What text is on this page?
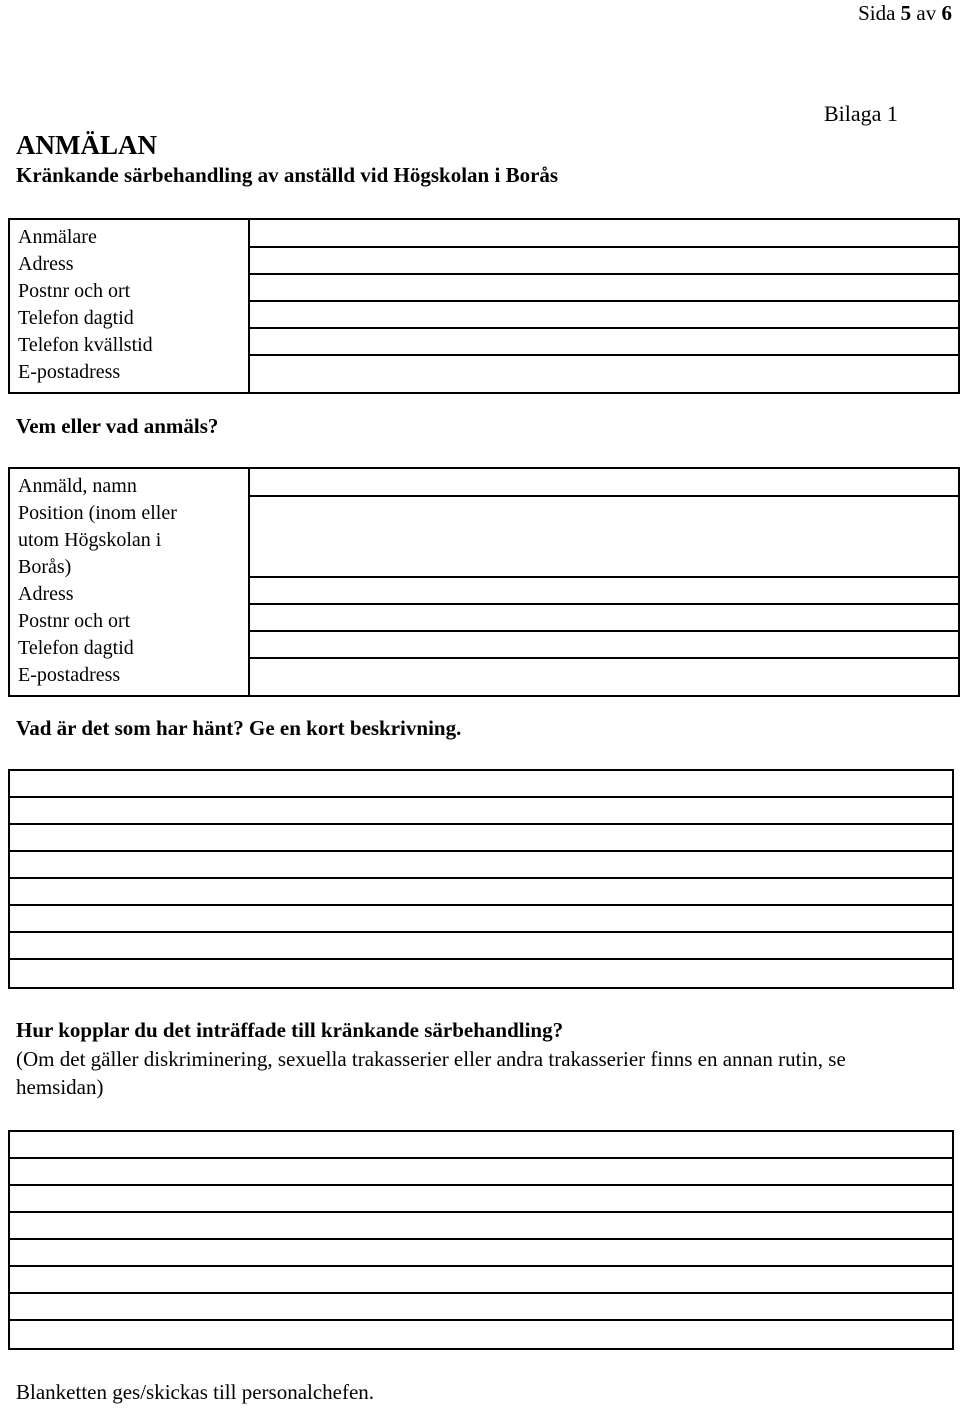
Sida 5 av 6
Bilaga 1
ANMÄLAN
Kränkande särbehandling av anställd vid Högskolan i Borås
Anmälare
Adress
Postnr och ort
Telefon dagtid
Telefon kvällstid
E-postadress

Vem eller vad anmäls?
Anmäld, namn
Position (inom eller
utom Högskolan i
Borås)
Adress
Postnr och ort
Telefon dagtid
E-postadress

Vad är det som har hänt? Ge en kort beskrivning.
Hur kopplar du det inträffade till kränkande särbehandling?
(Om det gäller diskriminering, sexuella trakasserier eller andra trakasserier finns en annan rutin, se hemsidan)
Blanketten ges/skickas till personalchefen.
